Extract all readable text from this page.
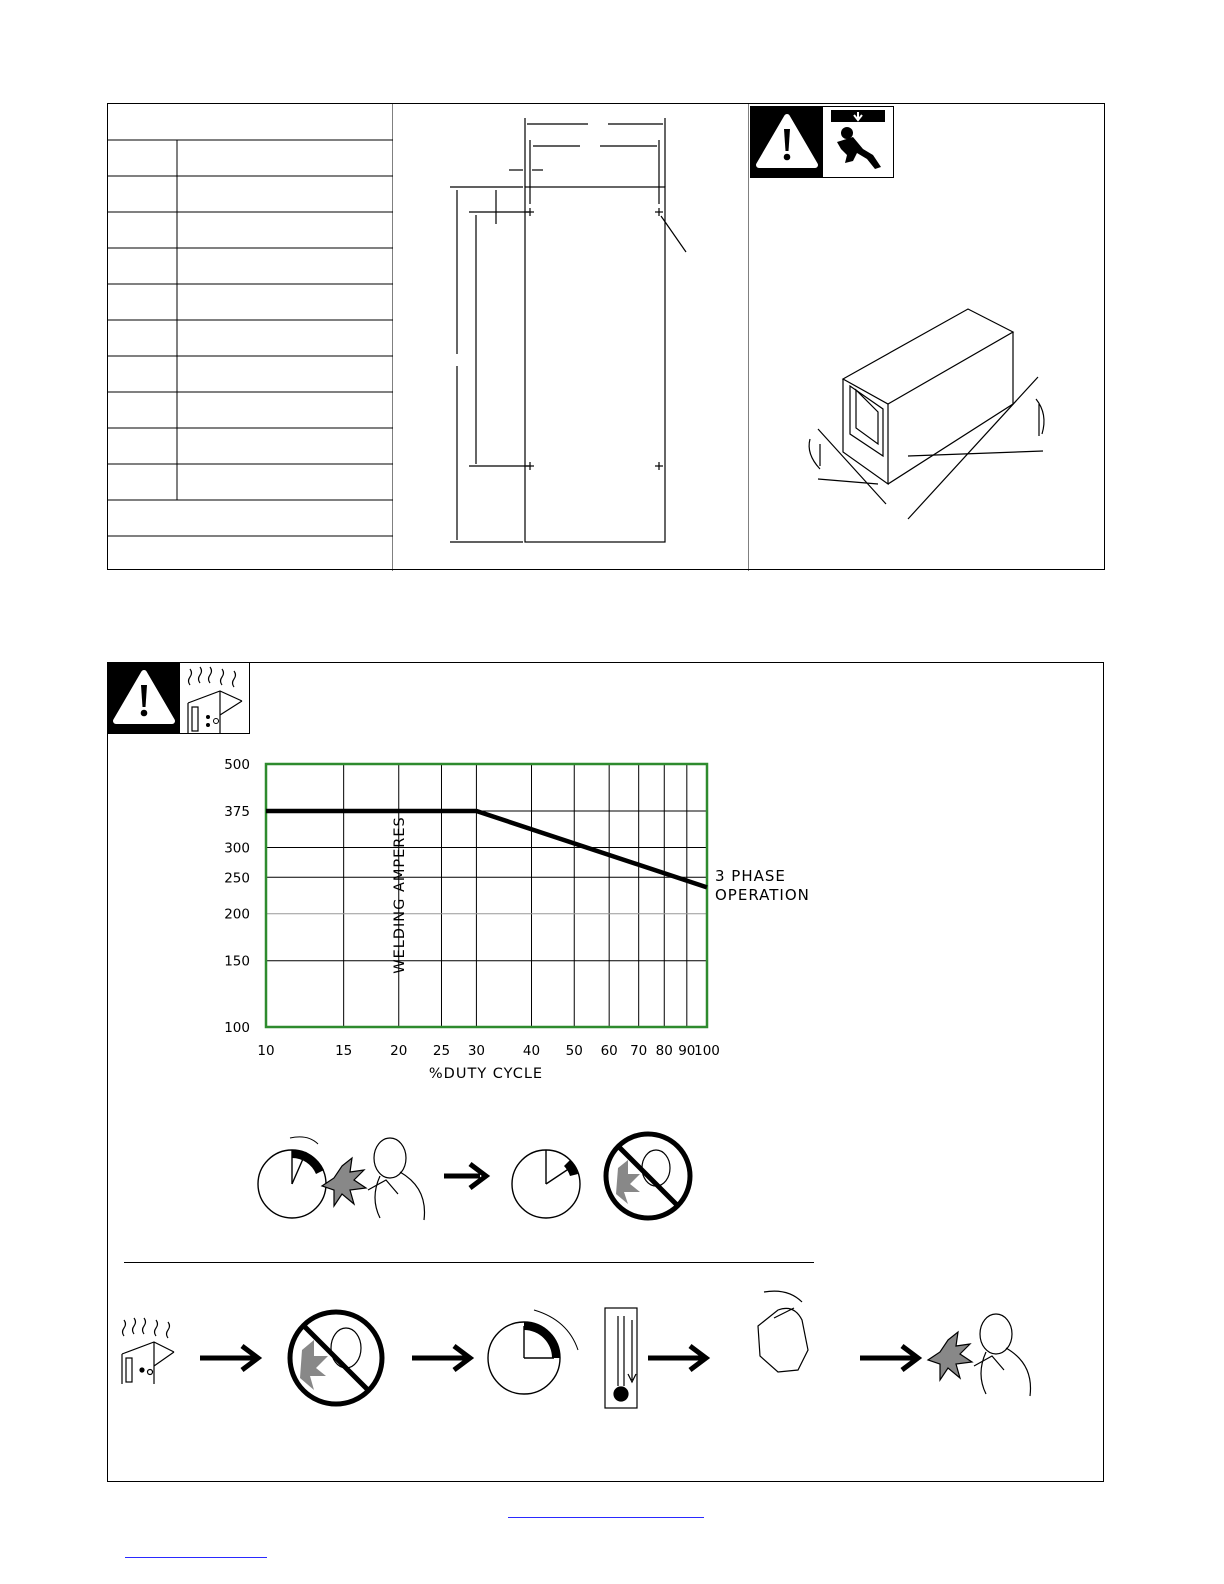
100
150
200
250
300
375
500
10	15	20 25 30	40 50 60 70 80 90
100
WELDING AMPERES
%DUTY CYCLE
3 PHASE
OPERATION
